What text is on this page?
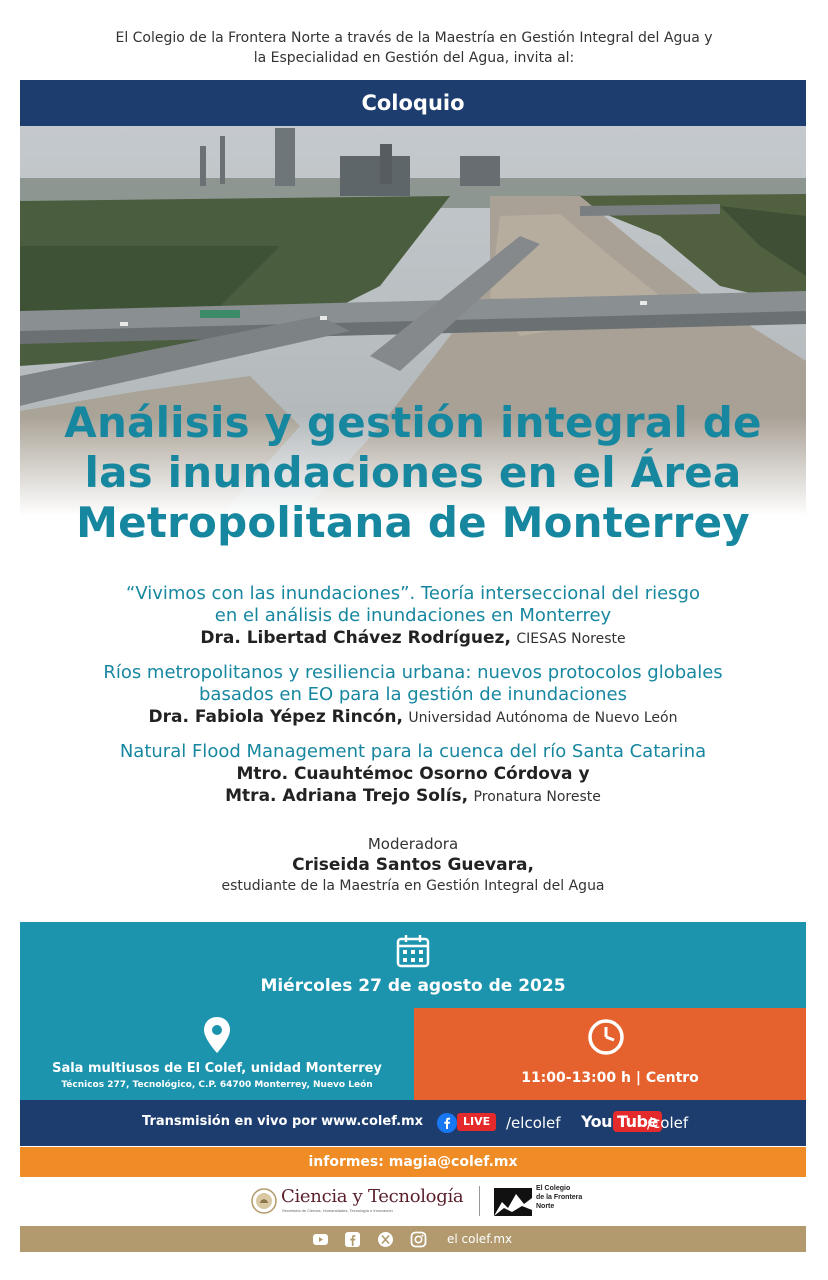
El Colegio de la Frontera Norte a través de la Maestría en Gestión Integral del Agua y
la Especialidad en Gestión del Agua, invita al:
Coloquio
Análisis y gestión integral de
las inundaciones en el Área
Metropolitana de Monterrey
“Vivimos con las inundaciones”. Teoría interseccional del riesgo
en el análisis de inundaciones en Monterrey
Dra. Libertad Chávez Rodríguez, CIESAS Noreste
Ríos metropolitanos y resiliencia urbana: nuevos protocolos globales
basados en EO para la gestión de inundaciones
Dra. Fabiola Yépez Rincón, Universidad Autónoma de Nuevo León
Natural Flood Management para la cuenca del río Santa Catarina
Mtro. Cuauhtémoc Osorno Córdova y
Mtra. Adriana Trejo Solís, Pronatura Noreste
Moderadora
Criseida Santos Guevara,
estudiante de la Maestría en Gestión Integral del Agua
Miércoles 27 de agosto de 2025
Sala multiusos de El Colef, unidad Monterrey
Técnicos 277, Tecnológico, C.P. 64700 Monterrey, Nuevo León	11:00-13:00 h | Centro
Transmisión en vivo por www.colef.mx	LIVE	/elcolef You Tube
/colef
informes: magia@colef.mx
Ciencia y Tecnología
Secretaría de Ciencia, Humanidades, Tecnología e Innovación
El Colegio
de la Frontera
Norte
el colef.mx
